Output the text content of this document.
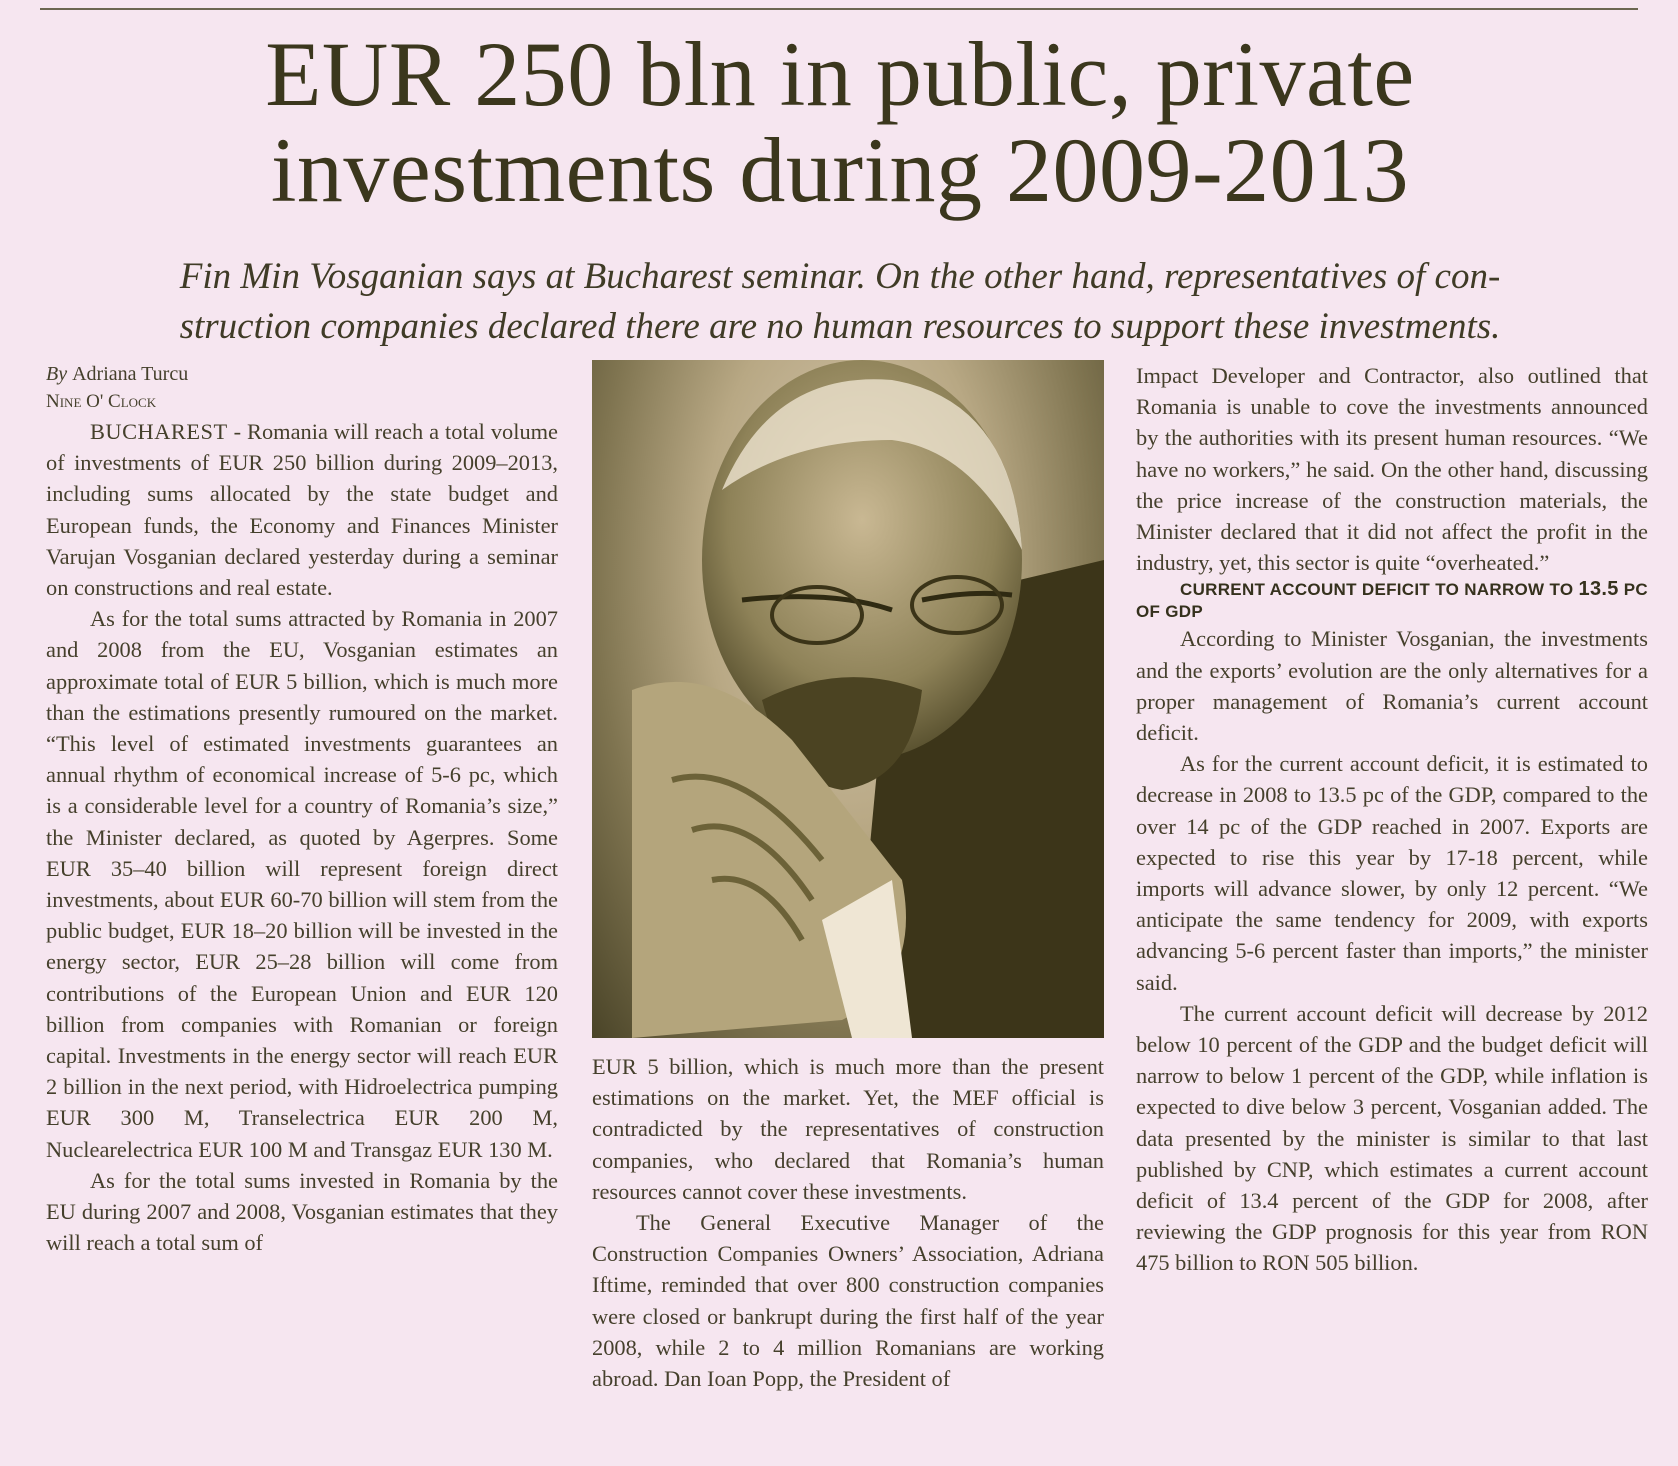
EUR 250 bln in public, private
investments during 2009-2013
Fin Min Vosganian says at Bucharest seminar. On the other hand, representatives of con-
struction companies declared there are no human resources to support these investments.

By Adriana Turcu

Nine O' Clock

BUCHAREST - Romania will reach a total volume of investments of EUR 250 billion during 2009–2013, including sums allocated by the state budget and European funds, the Economy and Finances Minister Varujan Vosganian declared yesterday during a seminar on constructions and real estate.

As for the total sums attracted by Romania in 2007 and 2008 from the EU, Vosganian estimates an approximate total of EUR 5 billion, which is much more than the estimations presently rumoured on the market. “This level of estimated investments guarantees an annual rhythm of economical increase of 5-6 pc, which is a considerable level for a country of Romania’s size,” the Minister declared, as quoted by Agerpres. Some EUR 35–40 billion will represent foreign direct investments, about EUR 60-70 billion will stem from the public budget, EUR 18–20 billion will be invested in the energy sector, EUR 25–28 billion will come from contributions of the European Union and EUR 120 billion from companies with Romanian or foreign capital. Investments in the energy sector will reach EUR 2 billion in the next period, with Hidroelectrica pumping EUR 300 M, Transelectrica EUR 200 M, Nuclearelectrica EUR 100 M and Transgaz EUR 130 M.

As for the total sums invested in Romania by the EU during 2007 and 2008, Vosganian estimates that they will reach a total sum of

EUR 5 billion, which is much more than the present estimations on the market. Yet, the MEF official is contradicted by the representatives of construction companies, who declared that Romania’s human resources cannot cover these investments.

The General Executive Manager of the Construction Companies Owners’ Association, Adriana Iftime, reminded that over 800 construction companies were closed or bankrupt during the first half of the year 2008, while 2 to 4 million Romanians are working abroad. Dan Ioan Popp, the President of

Impact Developer and Contractor, also outlined that Romania is unable to cove the investments announced by the authorities with its present human resources. “We have no workers,” he said. On the other hand, discussing the price increase of the construction materials, the Minister declared that it did not affect the profit in the industry, yet, this sector is quite “overheated.”

CURRENT ACCOUNT DEFICIT TO NARROW TO 13.5 PC OF GDP

According to Minister Vosganian, the investments and the exports’ evolution are the only alternatives for a proper management of Romania’s current account deficit.

As for the current account deficit, it is estimated to decrease in 2008 to 13.5 pc of the GDP, compared to the over 14 pc of the GDP reached in 2007. Exports are expected to rise this year by 17-18 percent, while imports will advance slower, by only 12 percent. “We anticipate the same tendency for 2009, with exports advancing 5-6 percent faster than imports,” the minister said.

The current account deficit will decrease by 2012 below 10 percent of the GDP and the budget deficit will narrow to below 1 percent of the GDP, while inflation is expected to dive below 3 percent, Vosganian added. The data presented by the minister is similar to that last published by CNP, which estimates a current account deficit of 13.4 percent of the GDP for 2008, after reviewing the GDP prognosis for this year from RON 475 billion to RON 505 billion.
